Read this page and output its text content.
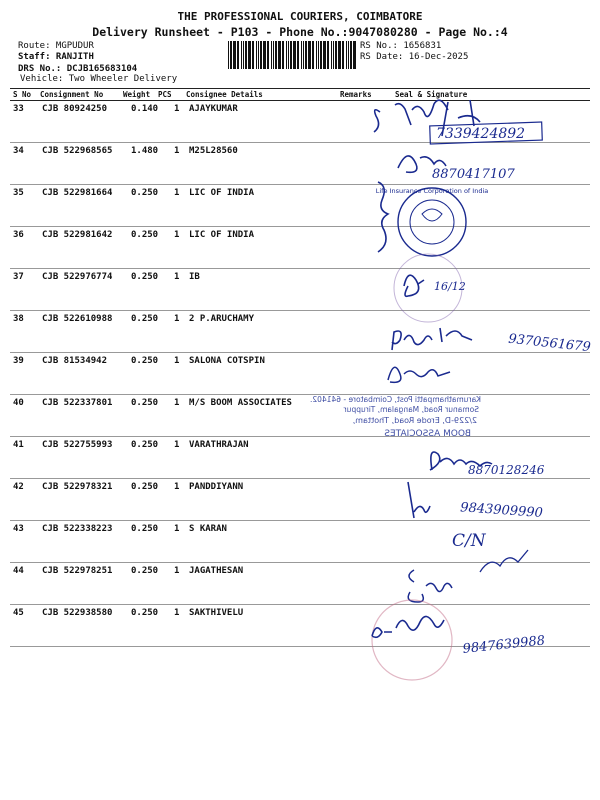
THE PROFESSIONAL COURIERS, COIMBATORE
Delivery Runsheet - P103 - Phone No.:9047080280 - Page No.:4
Route: MGPUDUR
Staff: RANJITH
DRS No.: DCJB165683104
Vehicle: Two Wheeler Delivery
RS No.: 1656831
RS Date: 16-Dec-2025
S No Consignment No	Weight PCS Consignee Details	Remarks	Seal & Signature
33 CJB 80924250	0.140 1 AJAYKUMAR
34 CJB 522968565 1.480 1 M25L28560
35 CJB 522981664 0.250 1 LIC OF INDIA
36 CJB 522981642 0.250 1 LIC OF INDIA
37 CJB 522976774 0.250 1 IB
38 CJB 522610988 0.250 1 2 P.ARUCHAMY
39 CJB 81534942	0.250 1 SALONA COTSPIN
40 CJB 522337801 0.250 1 M/S BOOM ASSOCIATES
41 CJB 522755993 0.250 1 VARATHRAJAN
42 CJB 522978321 0.250 1 PANDDIYANN
43 CJB 522338223 0.250 1 S KARAN
44 CJB 522978251 0.250 1 JAGATHESAN
45 CJB 522938580 0.250 1 SAKTHIVELU
7339424892
8870417107
Life Insurance Corporation of India
16/12
9370561679
Karumathampatti Post, Coimbatore - 641402.
Somanur Road, Mangalam, Tiruppur
2/229-D, Erode Road, Thottam,
BOOM ASSOCIATES
8870128246
9843909990
C/N
9847639988
